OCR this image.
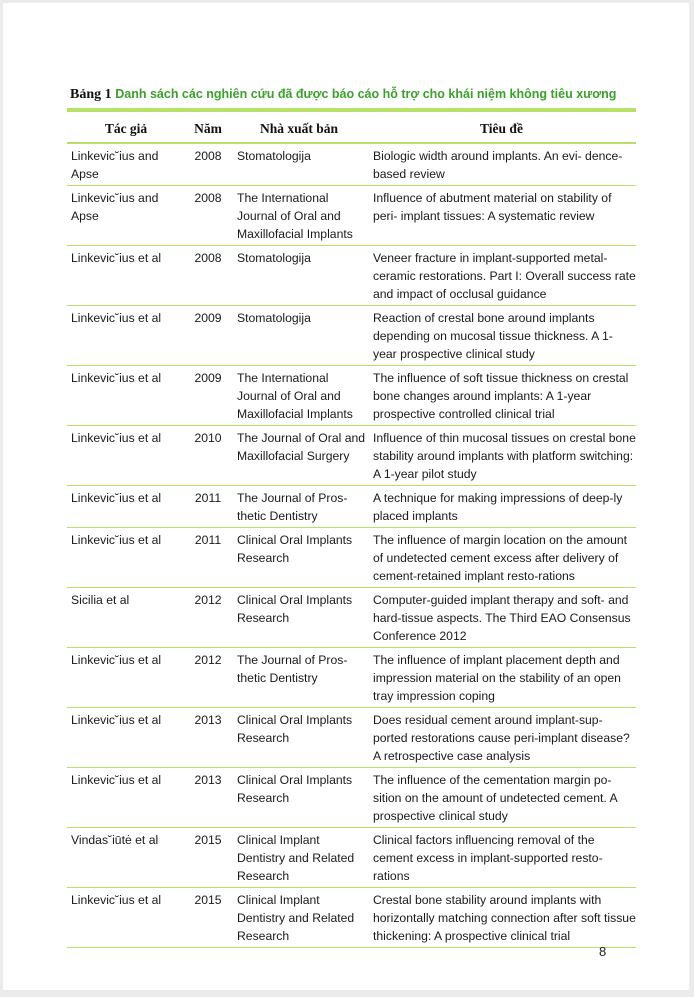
Bảng 1 Danh sách các nghiên cứu đã được báo cáo hỗ trợ cho khái niệm không tiêu xương
Tác giả	Năm	Nhà xuất bản	Tiêu đề
Linkevic˘ius and Apse	2008	Stomatologija	Biologic width around implants. An evi- dence- based review
Linkevic˘ius and Apse	2008	The International Journal of Oral and Maxillofacial Implants	Influence of abutment material on stability of peri- implant tissues: A systematic review
Linkevic˘ius et al	2008	Stomatologija	Veneer fracture in implant-supported metal-ceramic restorations. Part I: Overall success rate and impact of occlusal guidance
Linkevic˘ius et al	2009	Stomatologija	Reaction of crestal bone around implants depending on mucosal tissue thickness. A 1-year prospective clinical study
Linkevic˘ius et al	2009	The International Journal of Oral and Maxillofacial Implants	The influence of soft tissue thickness on crestal bone changes around implants: A 1-year prospective controlled clinical trial
Linkevic˘ius et al	2010	The Journal of Oral and Maxillofacial Surgery	Influence of thin mucosal tissues on crestal bone stability around implants with platform switching: A 1-year pilot study
Linkevic˘ius et al	2011	The Journal of Pros-thetic Dentistry	A technique for making impressions of deep-ly placed implants
Linkevic˘ius et al	2011	Clinical Oral Implants Research	The influence of margin location on the amount of undetected cement excess after delivery of cement-retained implant resto-rations
Sicilia et al	2012	Clinical Oral Implants Research	Computer-guided implant therapy and soft- and hard-tissue aspects. The Third EAO Consensus Conference 2012
Linkevic˘ius et al	2012	The Journal of Pros-thetic Dentistry	The influence of implant placement depth and impression material on the stability of an open tray impression coping
Linkevic˘ius et al	2013	Clinical Oral Implants Research	Does residual cement around implant-sup-ported restorations cause peri-implant disease? A retrospective case analysis
Linkevic˘ius et al	2013	Clinical Oral Implants Research	The influence of the cementation margin po-sition on the amount of undetected cement. A prospective clinical study
Vindas˘iūtė et al	2015	Clinical Implant Dentistry and Related Research	Clinical factors influencing removal of the cement excess in implant-supported resto-rations
Linkevic˘ius et al	2015	Clinical Implant Dentistry and Related Research	Crestal bone stability around implants with horizontally matching connection after soft tissue thickening: A prospective clinical trial
8
